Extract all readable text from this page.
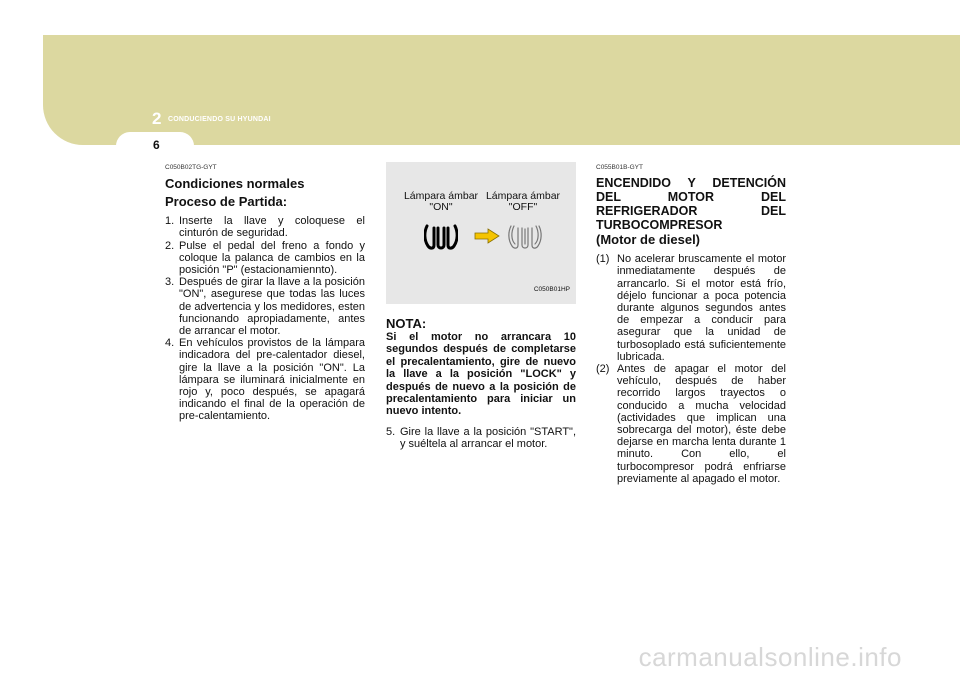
2 CONDUCIENDO SU HYUNDAI
6
C050B02TG-GYT
Condiciones normales
Proceso de Partida:
1. Inserte la llave y coloquese el cinturón de seguridad.
2. Pulse el pedal del freno a fondo y coloque la palanca de cambios en la posición "P" (estacionamiennto).
3. Después de girar la llave a la posición "ON", asegurese que todas las luces de advertencia y los medidores, esten funcionando apropiadamente, antes de arrancar el motor.
4. En vehículos provistos de la lámpara indicadora del pre-calentador diesel, gire la llave a la posición "ON". La lámpara se iluminará inicialmente en rojo y, poco después, se apagará indicando el final de la operación de pre-calentamiento.
Lámpara ámbar "ON"
Lámpara ámbar "OFF"
C050B01HP
NOTA:
Si el motor no arrancara 10 segundos después de completarse el precalentamiento, gire de nuevo la llave a la posición "LOCK" y después de nuevo a la posición de precalentamiento para iniciar un nuevo intento.
5. Gire la llave a la posición "START", y suéltela al arrancar el motor.
C055B01B-GYT
ENCENDIDO Y DETENCIÓN DEL MOTOR DEL REFRIGERADOR DEL TURBOCOMPRESOR
(Motor de diesel)
(1) No acelerar bruscamente el motor inmediatamente después de arrancarlo. Si el motor está frío, déjelo funcionar a poca potencia durante algunos segundos antes de empezar a conducir para asegurar que la unidad de turbosoplado está suficientemente lubricada.
(2) Antes de apagar el motor del vehículo, después de haber recorrido largos trayectos o conducido a mucha velocidad (actividades que implican una sobrecarga del motor), éste debe dejarse en marcha lenta durante 1 minuto. Con ello, el turbocompresor podrá enfriarse previamente al apagado el motor.
carmanualsonline.info
